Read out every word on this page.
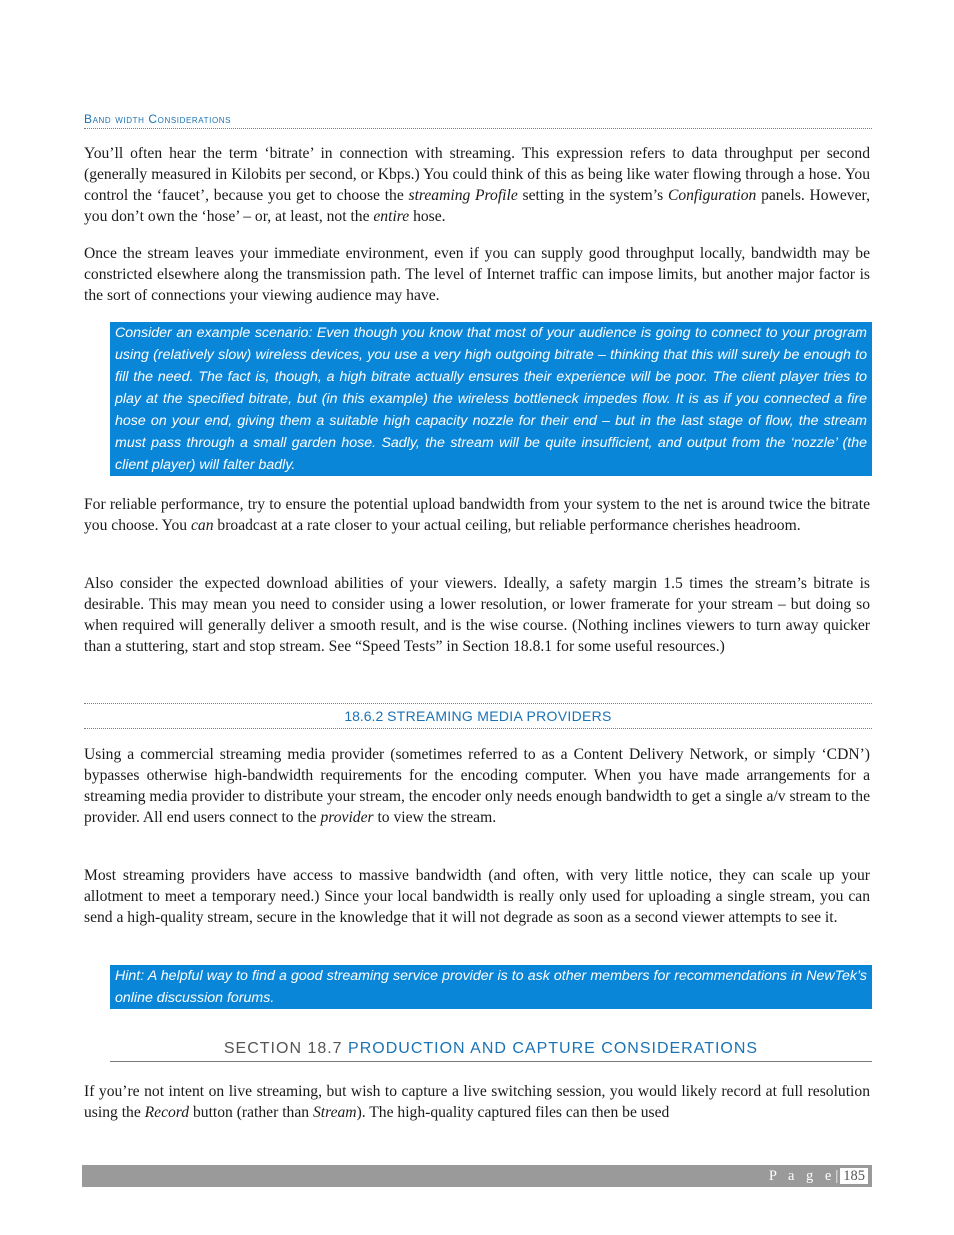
Band width Considerations

You’ll often hear the term ‘bitrate’ in connection with streaming. This expression refers to data throughput per second (generally measured in Kilobits per second, or Kbps.) You could think of this as being like water flowing through a hose. You control the ‘faucet’, because you get to choose the streaming Profile setting in the system’s Configuration panels. However, you don’t own the ‘hose’ – or, at least, not the entire hose.

Once the stream leaves your immediate environment, even if you can supply good throughput locally, bandwidth may be constricted elsewhere along the transmission path. The level of Internet traffic can impose limits, but another major factor is the sort of connections your viewing audience may have.

Consider an example scenario: Even though you know that most of your audience is going to connect to your program using (relatively slow) wireless devices, you use a very high outgoing bitrate – thinking that this will surely be enough to fill the need. The fact is, though, a high bitrate actually ensures their experience will be poor. The client player tries to play at the specified bitrate, but (in this example) the wireless bottleneck impedes flow. It is as if you connected a fire hose on your end, giving them a suitable high capacity nozzle for their end – but in the last stage of flow, the stream must pass through a small garden hose. Sadly, the stream will be quite insufficient, and output from the ‘nozzle’ (the client player) will falter badly.

For reliable performance, try to ensure the potential upload bandwidth from your system to the net is around twice the bitrate you choose. You can broadcast at a rate closer to your actual ceiling, but reliable performance cherishes headroom.

Also consider the expected download abilities of your viewers. Ideally, a safety margin 1.5 times the stream’s bitrate is desirable. This may mean you need to consider using a lower resolution, or lower framerate for your stream – but doing so when required will generally deliver a smooth result, and is the wise course. (Nothing inclines viewers to turn away quicker than a stuttering, start and stop stream. See “Speed Tests” in Section 18.8.1 for some useful resources.)

18.6.2 STREAMING MEDIA PROVIDERS

Using a commercial streaming media provider (sometimes referred to as a Content Delivery Network, or simply ‘CDN’) bypasses otherwise high-bandwidth requirements for the encoding computer. When you have made arrangements for a streaming media provider to distribute your stream, the encoder only needs enough bandwidth to get a single a/v stream to the provider. All end users connect to the provider to view the stream.

Most streaming providers have access to massive bandwidth (and often, with very little notice, they can scale up your allotment to meet a temporary need.) Since your local bandwidth is really only used for uploading a single stream, you can send a high-quality stream, secure in the knowledge that it will not degrade as soon as a second viewer attempts to see it.

Hint: A helpful way to find a good streaming service provider is to ask other members for recommendations in NewTek’s online discussion forums.
SECTION 18.7 PRODUCTION AND CAPTURE CONSIDERATIONS

If you’re not intent on live streaming, but wish to capture a live switching session, you would likely record at full resolution using the Record button (rather than Stream). The high-quality captured files can then be used

P a g e| 185
